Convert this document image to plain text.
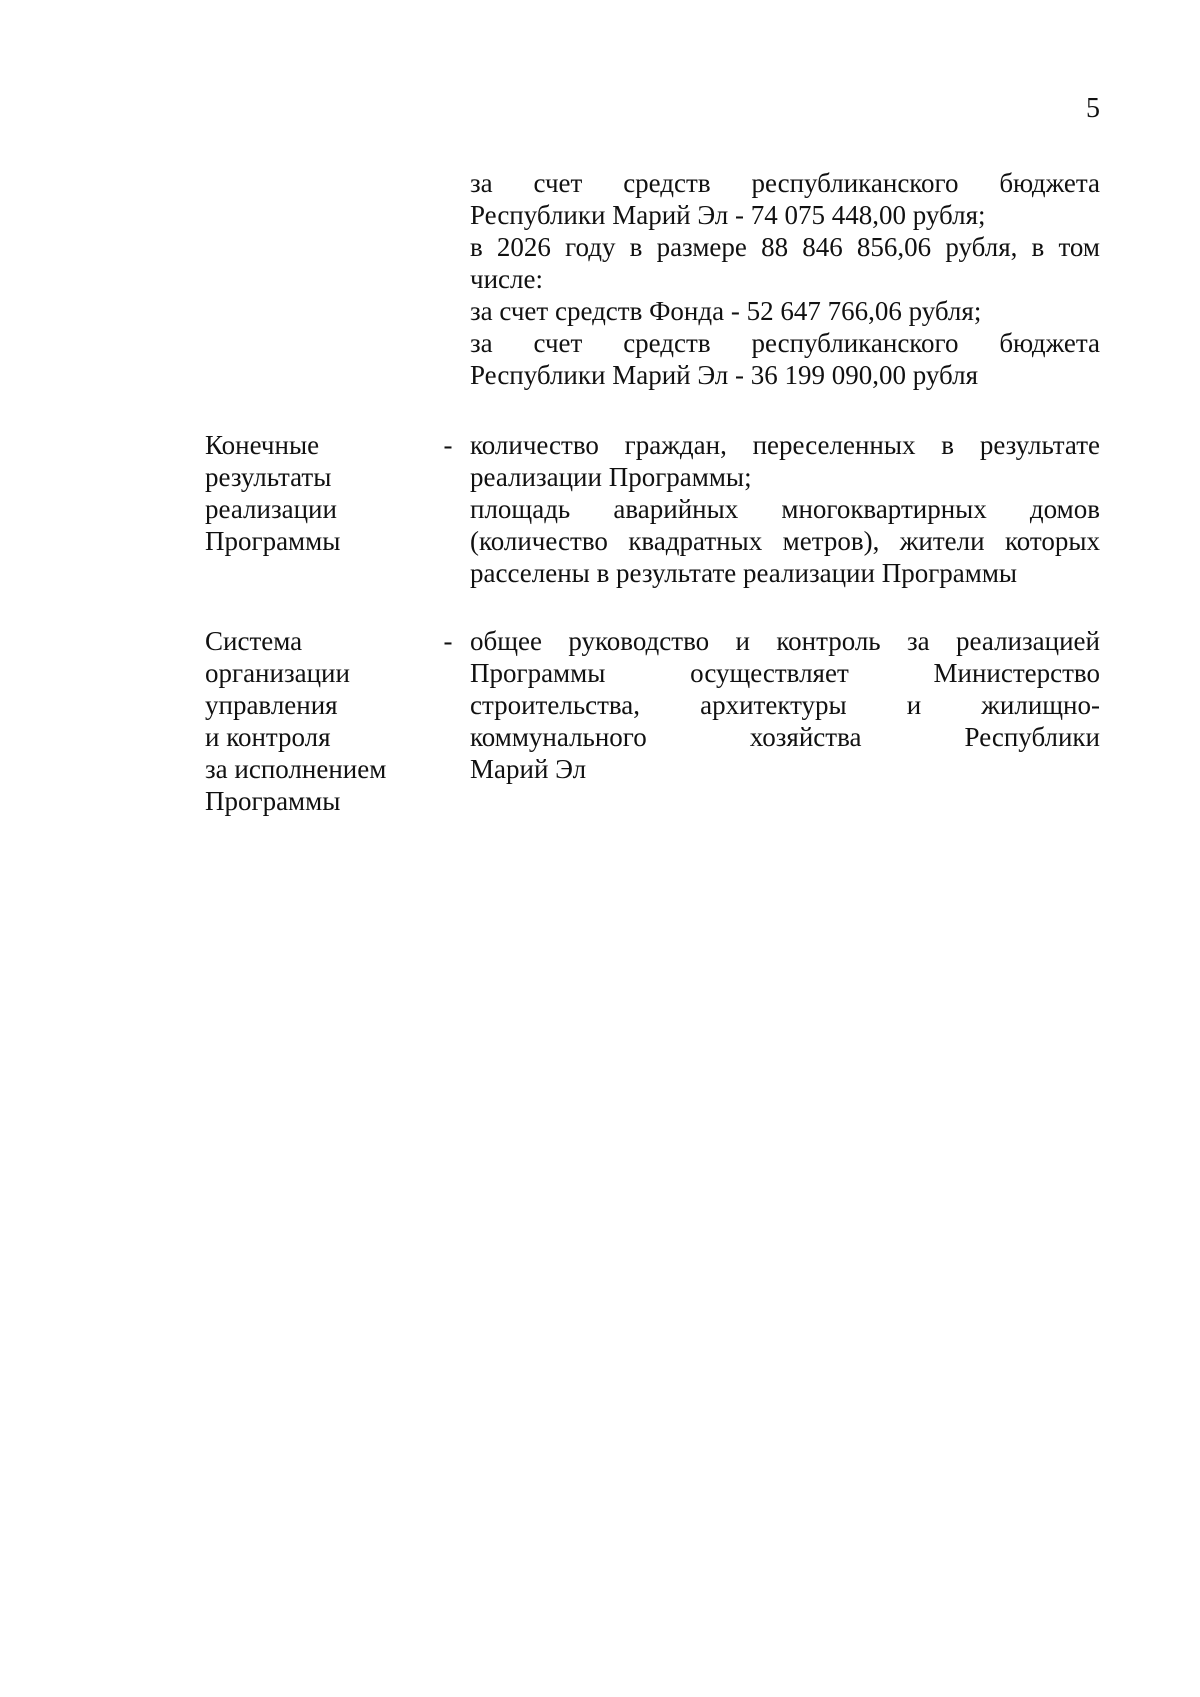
5
за счет средств республиканского бюджета
Республики Марий Эл - 74 075 448,00 рубля;
в 2026 году в размере 88 846 856,06 рубля, в том
числе:
за счет средств Фонда - 52 647 766,06 рубля;
за счет средств республиканского бюджета
Республики Марий Эл - 36 199 090,00 рубля
Конечные
результаты
реализации
Программы
- количество граждан, переселенных в результате
реализации Программы;
площадь аварийных многоквартирных домов
(количество квадратных метров), жители которых
расселены в результате реализации Программы
Система
организации
управления
и контроля
за исполнением
Программы
- общее руководство и контроль за реализацией
Программы осуществляет Министерство
строительства, архитектуры и жилищно-
коммунального хозяйства Республики
Марий Эл
